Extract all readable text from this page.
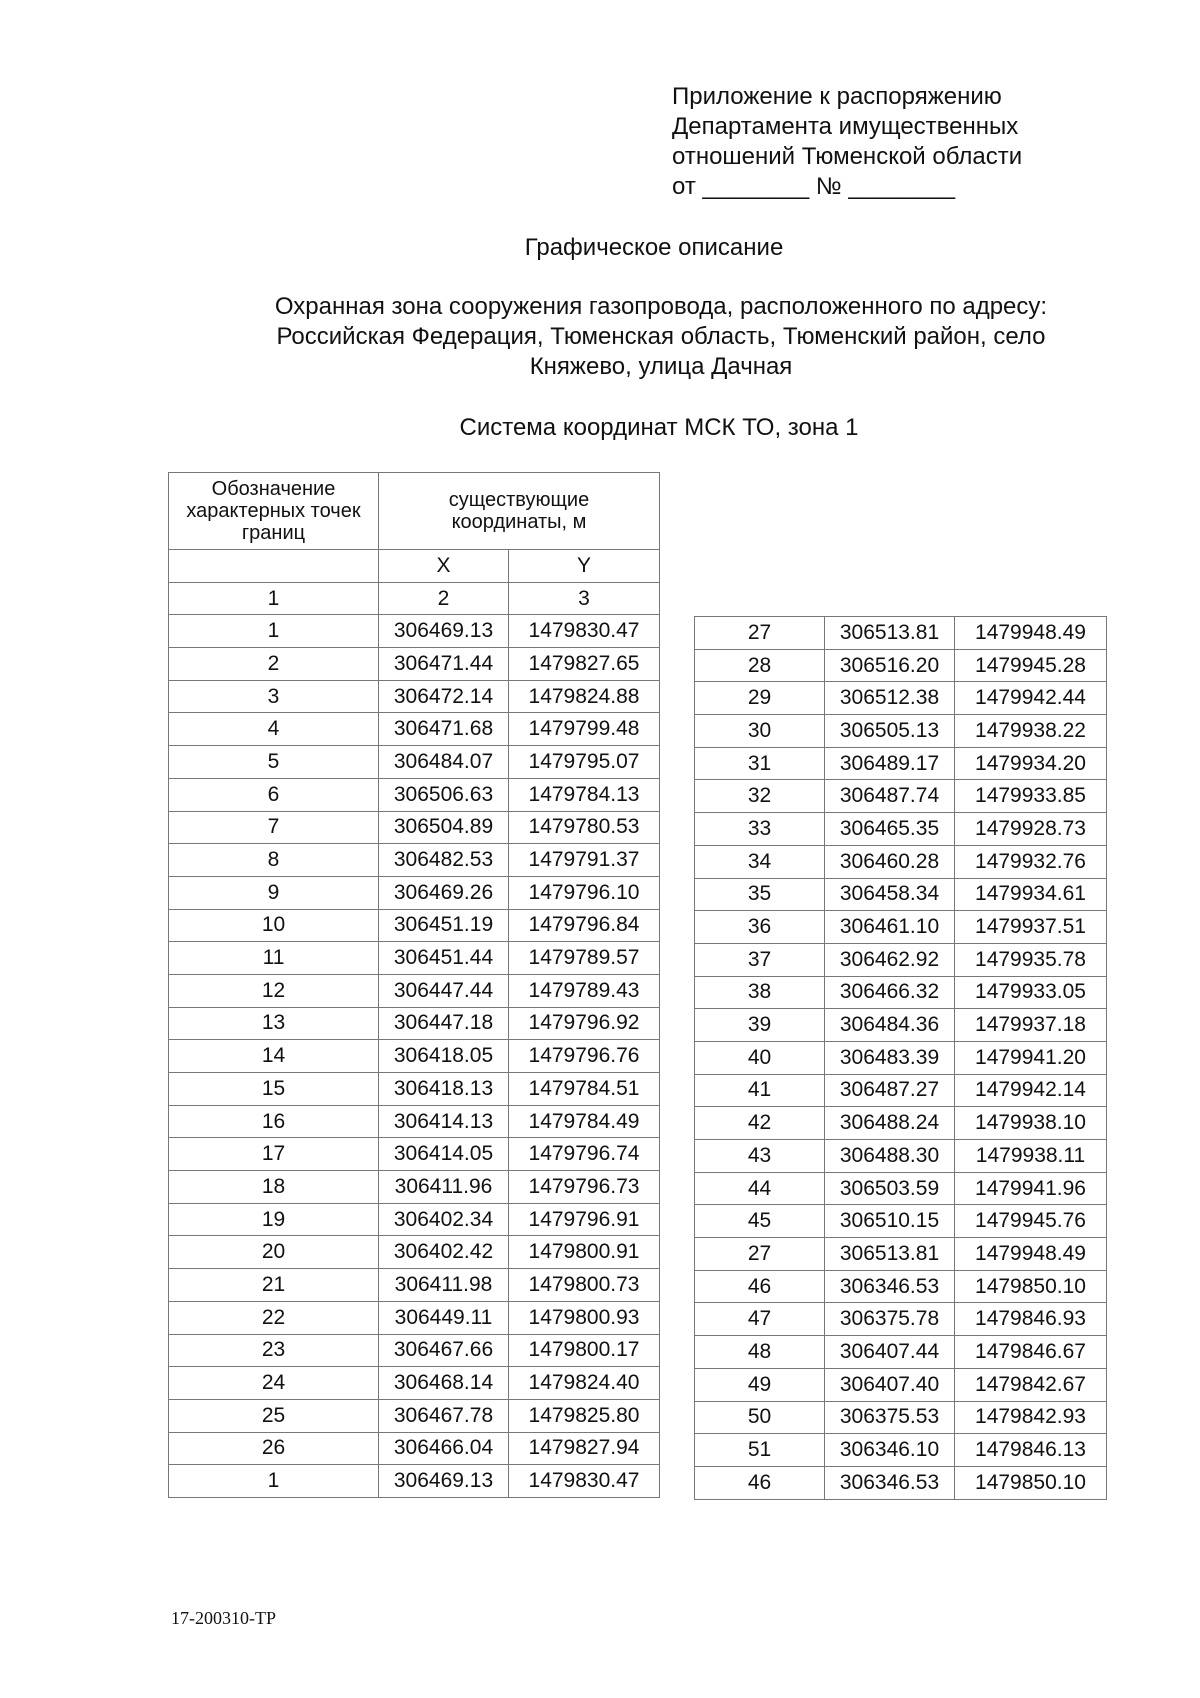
Приложение к распоряжению
Департамента имущественных
отношений Тюменской области
от ________ № ________
Графическое описание
Охранная зона сооружения газопровода, расположенного по адресу:
Российская Федерация, Тюменская область, Тюменский район, село
Княжево, улица Дачная
Система координат МСК ТО, зона 1
Обозначение характерных точек границ	существующие координаты, м	
	X	Y
1	2	3
1	306469.13	1479830.47
2	306471.44	1479827.65
3	306472.14	1479824.88
4	306471.68	1479799.48
5	306484.07	1479795.07
6	306506.63	1479784.13
7	306504.89	1479780.53
8	306482.53	1479791.37
9	306469.26	1479796.10
10	306451.19	1479796.84
11	306451.44	1479789.57
12	306447.44	1479789.43
13	306447.18	1479796.92
14	306418.05	1479796.76
15	306418.13	1479784.51
16	306414.13	1479784.49
17	306414.05	1479796.74
18	306411.96	1479796.73
19	306402.34	1479796.91
20	306402.42	1479800.91
21	306411.98	1479800.73
22	306449.11	1479800.93
23	306467.66	1479800.17
24	306468.14	1479824.40
25	306467.78	1479825.80
26	306466.04	1479827.94
1	306469.13	1479830.47
27	306513.81	1479948.49
28	306516.20	1479945.28
29	306512.38	1479942.44
30	306505.13	1479938.22
31	306489.17	1479934.20
32	306487.74	1479933.85
33	306465.35	1479928.73
34	306460.28	1479932.76
35	306458.34	1479934.61
36	306461.10	1479937.51
37	306462.92	1479935.78
38	306466.32	1479933.05
39	306484.36	1479937.18
40	306483.39	1479941.20
41	306487.27	1479942.14
42	306488.24	1479938.10
43	306488.30	1479938.11
44	306503.59	1479941.96
45	306510.15	1479945.76
27	306513.81	1479948.49
46	306346.53	1479850.10
47	306375.78	1479846.93
48	306407.44	1479846.67
49	306407.40	1479842.67
50	306375.53	1479842.93
51	306346.10	1479846.13
46	306346.53	1479850.10
17-200310-ТР
